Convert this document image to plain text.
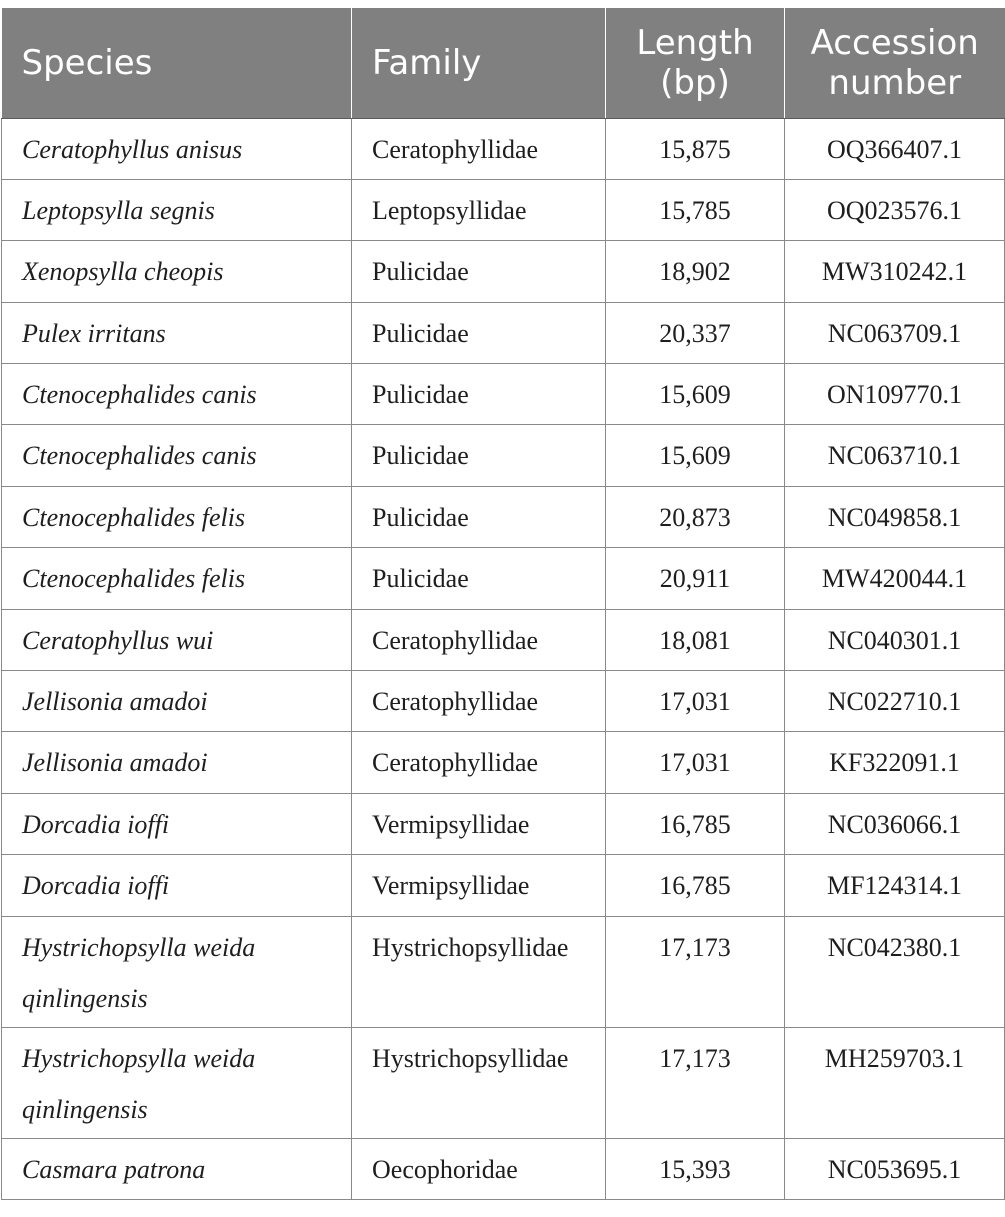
Species	Family	Length (bp)	Accession number
Ceratophyllus anisus	Ceratophyllidae	15,875	OQ366407.1
Leptopsylla segnis	Leptopsyllidae	15,785	OQ023576.1
Xenopsylla cheopis	Pulicidae	18,902	MW310242.1
Pulex irritans	Pulicidae	20,337	NC063709.1
Ctenocephalides canis	Pulicidae	15,609	ON109770.1
Ctenocephalides canis	Pulicidae	15,609	NC063710.1
Ctenocephalides felis	Pulicidae	20,873	NC049858.1
Ctenocephalides felis	Pulicidae	20,911	MW420044.1
Ceratophyllus wui	Ceratophyllidae	18,081	NC040301.1
Jellisonia amadoi	Ceratophyllidae	17,031	NC022710.1
Jellisonia amadoi	Ceratophyllidae	17,031	KF322091.1
Dorcadia ioffi	Vermipsyllidae	16,785	NC036066.1
Dorcadia ioffi	Vermipsyllidae	16,785	MF124314.1
Hystrichopsylla weida qinlingensis	Hystrichopsyllidae	17,173	NC042380.1
Hystrichopsylla weida qinlingensis	Hystrichopsyllidae	17,173	MH259703.1
Casmara patrona	Oecophoridae	15,393	NC053695.1
